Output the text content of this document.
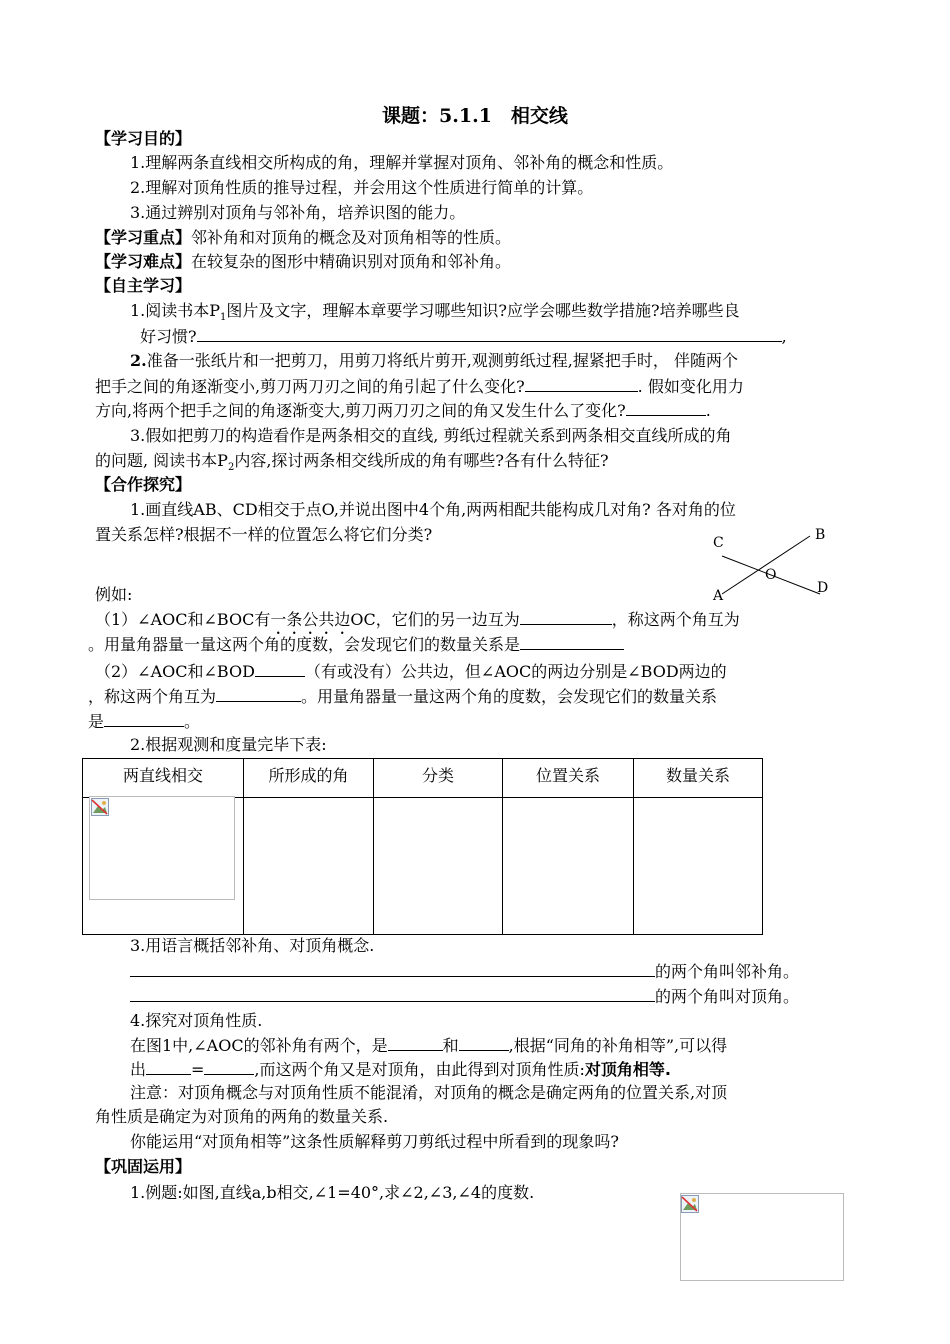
课题：5.1.1　相交线
【学习目的】
1.理解两条直线相交所构成的角，理解并掌握对顶角、邻补角的概念和性质。
2.理解对顶角性质的推导过程，并会用这个性质进行简单的计算。
3.通过辨别对顶角与邻补角，培养识图的能力。
【学习重点】邻补角和对顶角的概念及对顶角相等的性质。
【学习难点】在较复杂的图形中精确识别对顶角和邻补角。
【自主学习】
1.阅读书本$P_1$图片及文字，理解本章要学习哪些知识?应学会哪些数学措施?培养哪些良
好习惯?	,
2.准备一张纸片和一把剪刀，用剪刀将纸片剪开,观测剪纸过程,握紧把手时， 伴随两个
把手之间的角逐渐变小,剪刀两刀刃之间的角引起了什么变化?	. 假如变化用力
方向,将两个把手之间的角逐渐变大,剪刀两刀刃之间的角又发生什么了变化?	.
3.假如把剪刀的构造看作是两条相交的直线, 剪纸过程就关系到两条相交直线所成的角
的问题, 阅读书本$P_2$内容,探讨两条相交线所成的角有哪些?各有什么特征?
【合作探究】
1.画直线AB、CD相交于点O,并说出图中4个角,两两相配共能构成几对角? 各对角的位
置关系怎样?根据不一样的位置怎么将它们分类?	C	B
O
A	D
例如:
（1）∠AOC和∠BOC有一条公共边OC，它们的另一边互为	，称这两个角互为
。用量角器量一量这两个角的度数，会发现它们的数量关系是
（2）∠AOC和∠BOD	（有或没有）公共边，但∠AOC的两边分别是∠BOD两边的
，称这两个角互为	。用量角器量一量这两个角的度数，会发现它们的数量关系
是	。
2.根据观测和度量完毕下表:
两直线相交	所形成的角	分类	位置关系	数量关系

3.用语言概括邻补角、对顶角概念.
的两个角叫邻补角。
的两个角叫对顶角。
4.探究对顶角性质.
在图1中,∠AOC的邻补角有两个，是	和	,根据“同角的补角相等”,可以得
出	=	,而这两个角又是对顶角，由此得到对顶角性质:对顶角相等.
注意：对顶角概念与对顶角性质不能混淆，对顶角的概念是确定两角的位置关系,对顶
角性质是确定为对顶角的两角的数量关系.
你能运用“对顶角相等”这条性质解释剪刀剪纸过程中所看到的现象吗?
【巩固运用】
1.例题:如图,直线a,b相交,∠1=40°,求∠2,∠3,∠4的度数.
